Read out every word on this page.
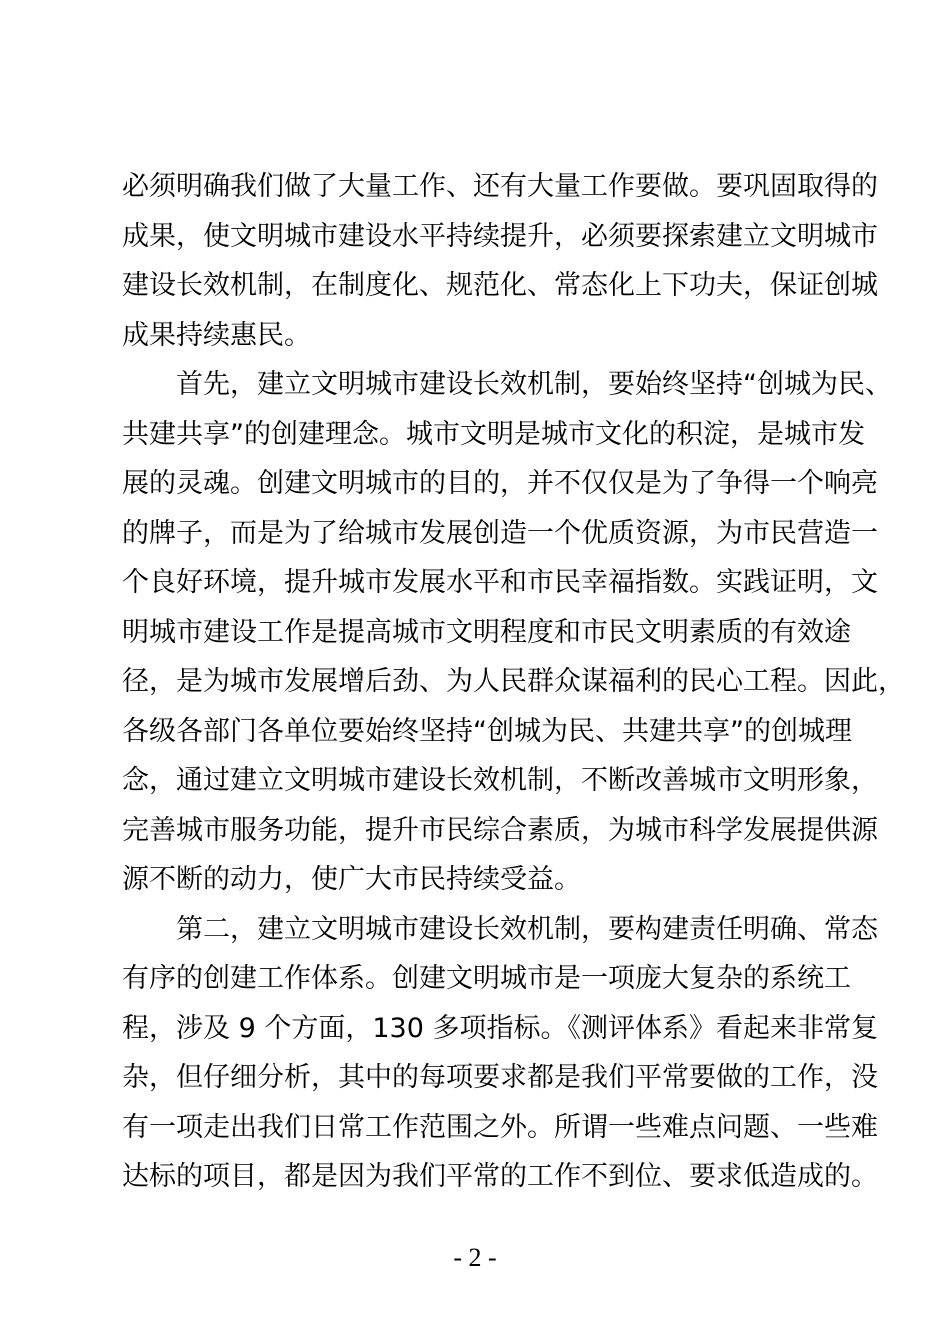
必须明确我们做了大量工作、还有大量工作要做。要巩固取得的
成果，使文明城市建设水平持续提升，必须要探索建立文明城市
建设长效机制，在制度化、规范化、常态化上下功夫，保证创城
成果持续惠民。
首先，建立文明城市建设长效机制，要始终坚持“创城为民、
共建共享”的创建理念。城市文明是城市文化的积淀，是城市发
展的灵魂。创建文明城市的目的，并不仅仅是为了争得一个响亮
的牌子，而是为了给城市发展创造一个优质资源，为市民营造一
个良好环境，提升城市发展水平和市民幸福指数。实践证明，文
明城市建设工作是提高城市文明程度和市民文明素质的有效途
径，是为城市发展增后劲、为人民群众谋福利的民心工程。因此，
各级各部门各单位要始终坚持“创城为民、共建共享”的创城理
念，通过建立文明城市建设长效机制，不断改善城市文明形象，
完善城市服务功能，提升市民综合素质，为城市科学发展提供源
源不断的动力，使广大市民持续受益。
第二，建立文明城市建设长效机制，要构建责任明确、常态
有序的创建工作体系。创建文明城市是一项庞大复杂的系统工
程，涉及 9 个方面，130 多项指标。《测评体系》看起来非常复
杂，但仔细分析，其中的每项要求都是我们平常要做的工作，没
有一项走出我们日常工作范围之外。所谓一些难点问题、一些难
达标的项目，都是因为我们平常的工作不到位、要求低造成的。
- 2 -
